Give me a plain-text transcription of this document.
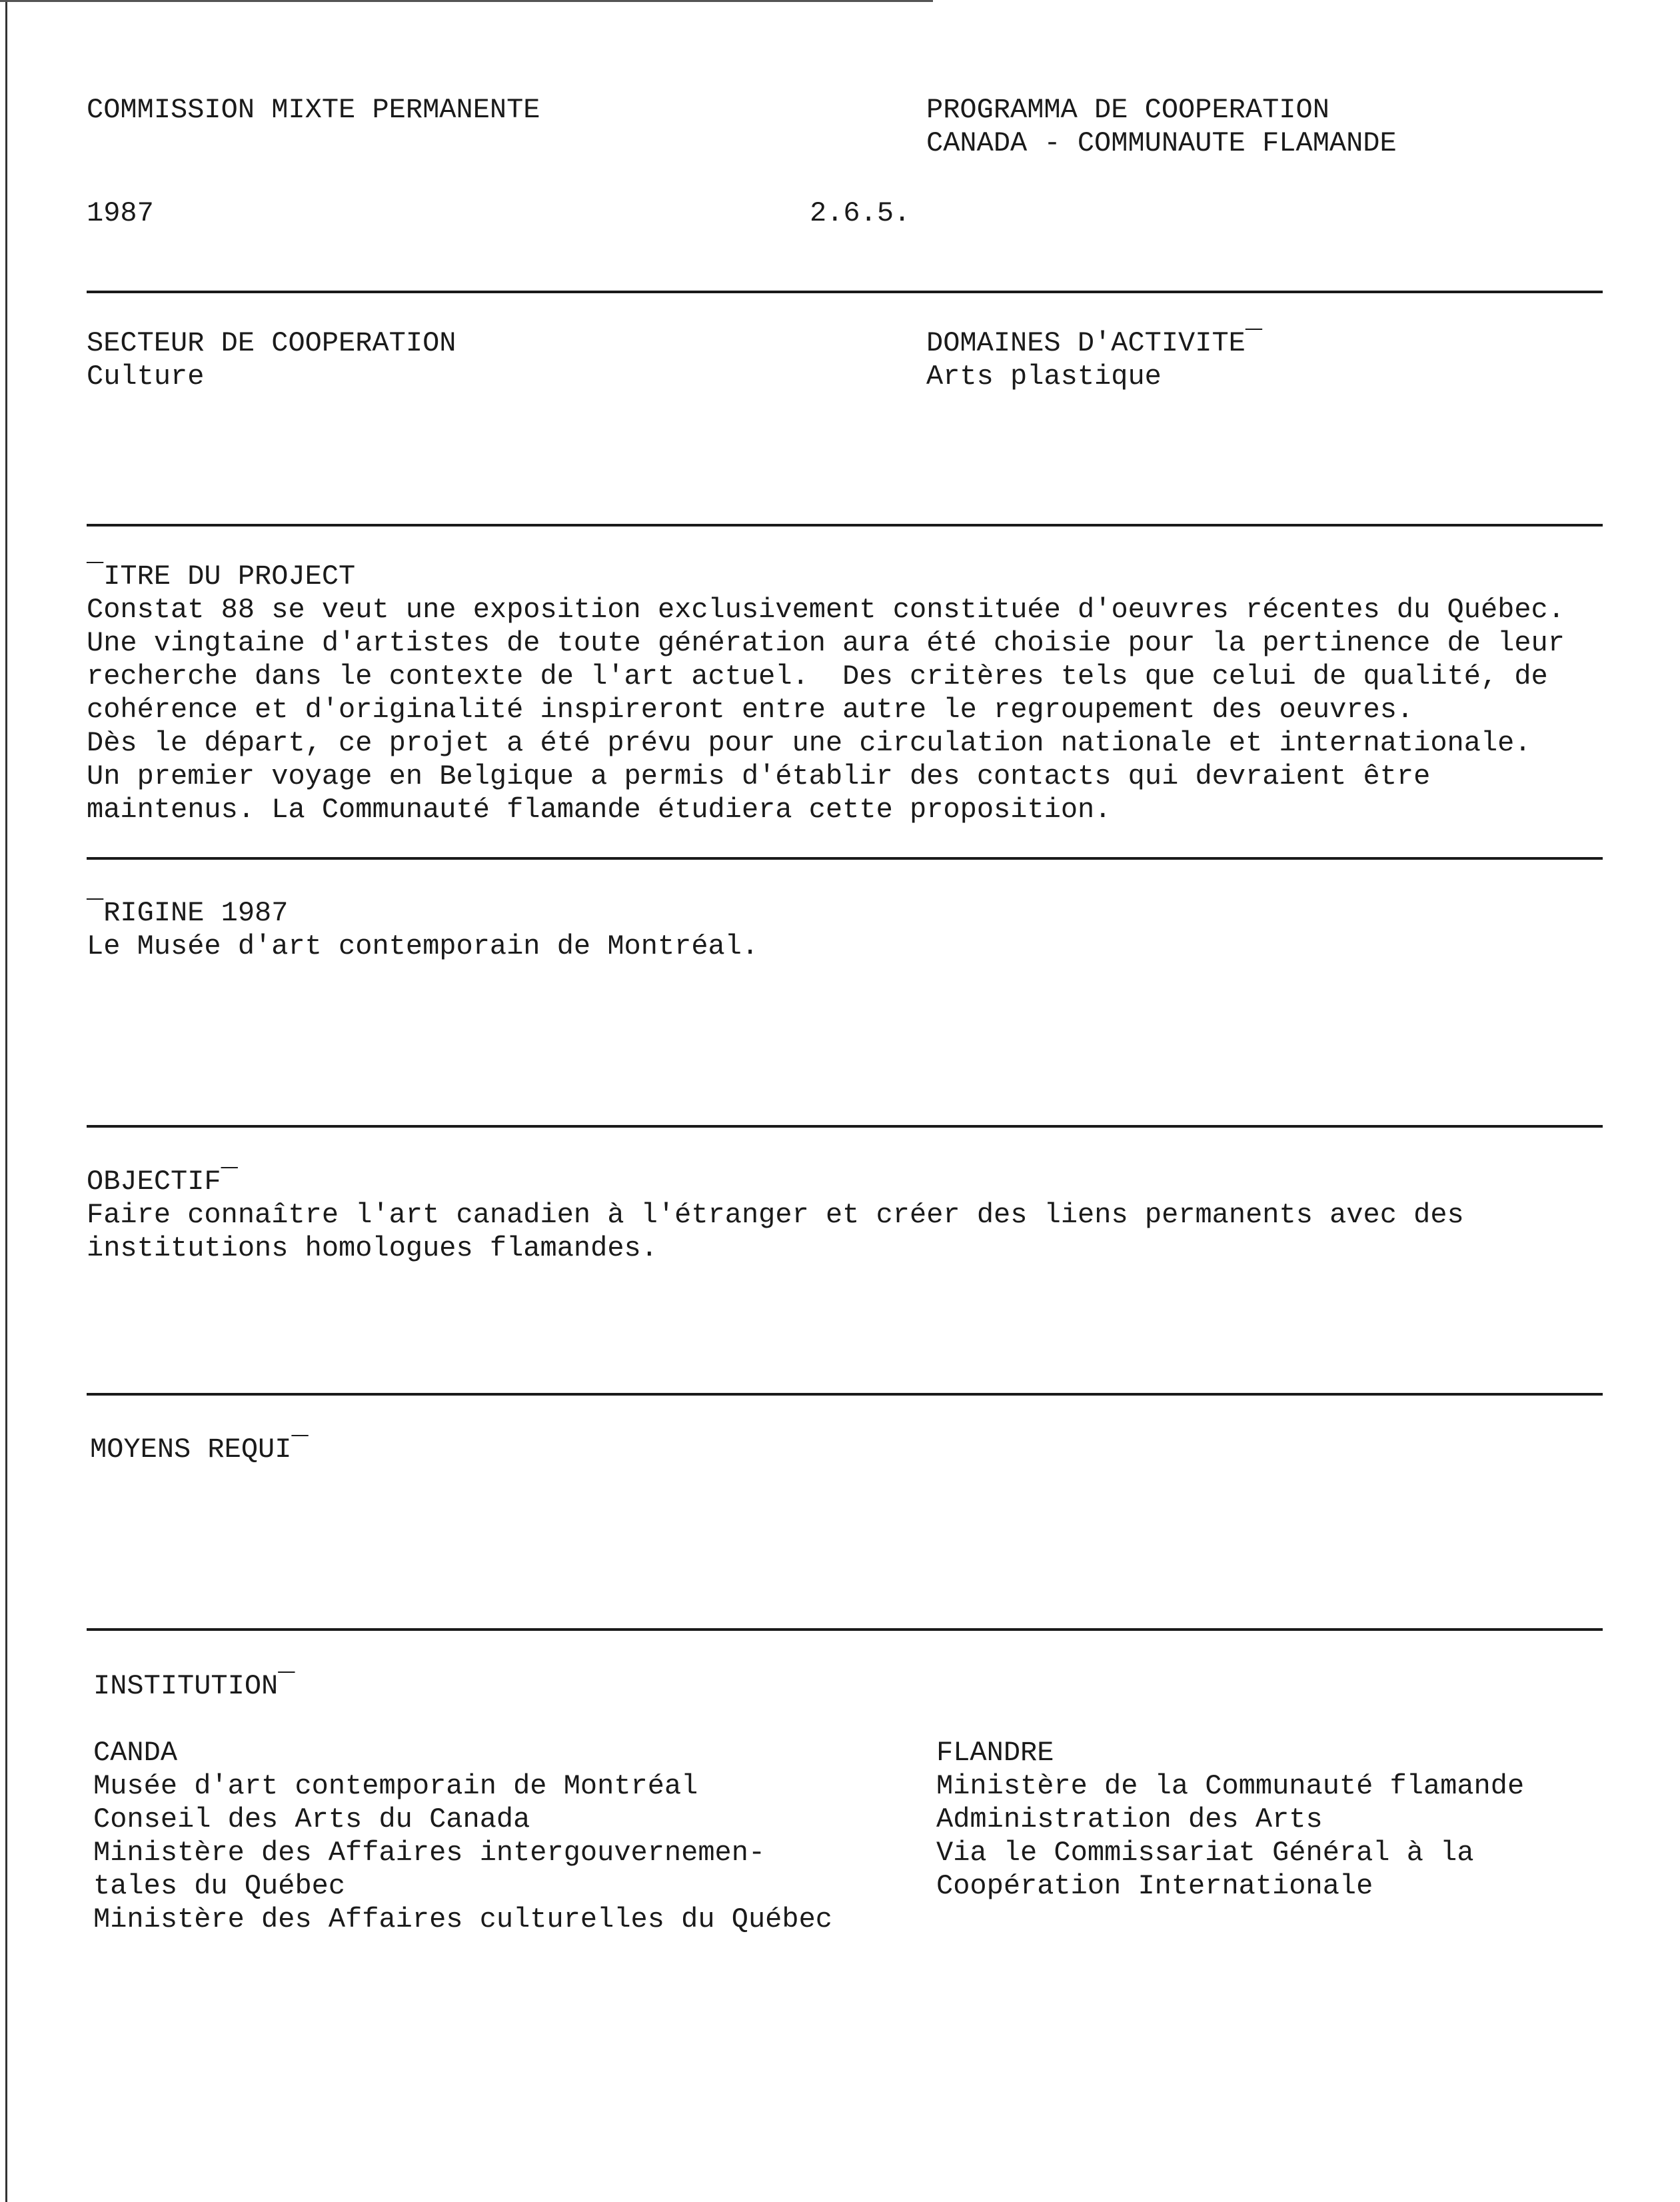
COMMISSION MIXTE PERMANENTE	PROGRAMMA DE COOPERATION
CANADA - COMMUNAUTE FLAMANDE
1987	2.6.5.
SECTEUR DE COOPERATION
Culture
DOMAINES D'ACTIVITE¯
Arts plastique
¯ITRE DU PROJECT
Constat 88 se veut une exposition exclusivement constituée d'oeuvres récentes du Québec.
Une vingtaine d'artistes de toute génération aura été choisie pour la pertinence de leur
recherche dans le contexte de l'art actuel.  Des critères tels que celui de qualité, de
cohérence et d'originalité inspireront entre autre le regroupement des oeuvres.
Dès le départ, ce projet a été prévu pour une circulation nationale et internationale.
Un premier voyage en Belgique a permis d'établir des contacts qui devraient être
maintenus. La Communauté flamande étudiera cette proposition.
¯RIGINE 1987
Le Musée d'art contemporain de Montréal.
OBJECTIF¯
Faire connaître l'art canadien à l'étranger et créer des liens permanents avec des
institutions homologues flamandes.
MOYENS REQUI¯
INSTITUTION¯
CANDA
Musée d'art contemporain de Montréal
Conseil des Arts du Canada
Ministère des Affaires intergouvernemen-
tales du Québec
Ministère des Affaires culturelles du Québec
FLANDRE
Ministère de la Communauté flamande
Administration des Arts
Via le Commissariat Général à la
Coopération Internationale
